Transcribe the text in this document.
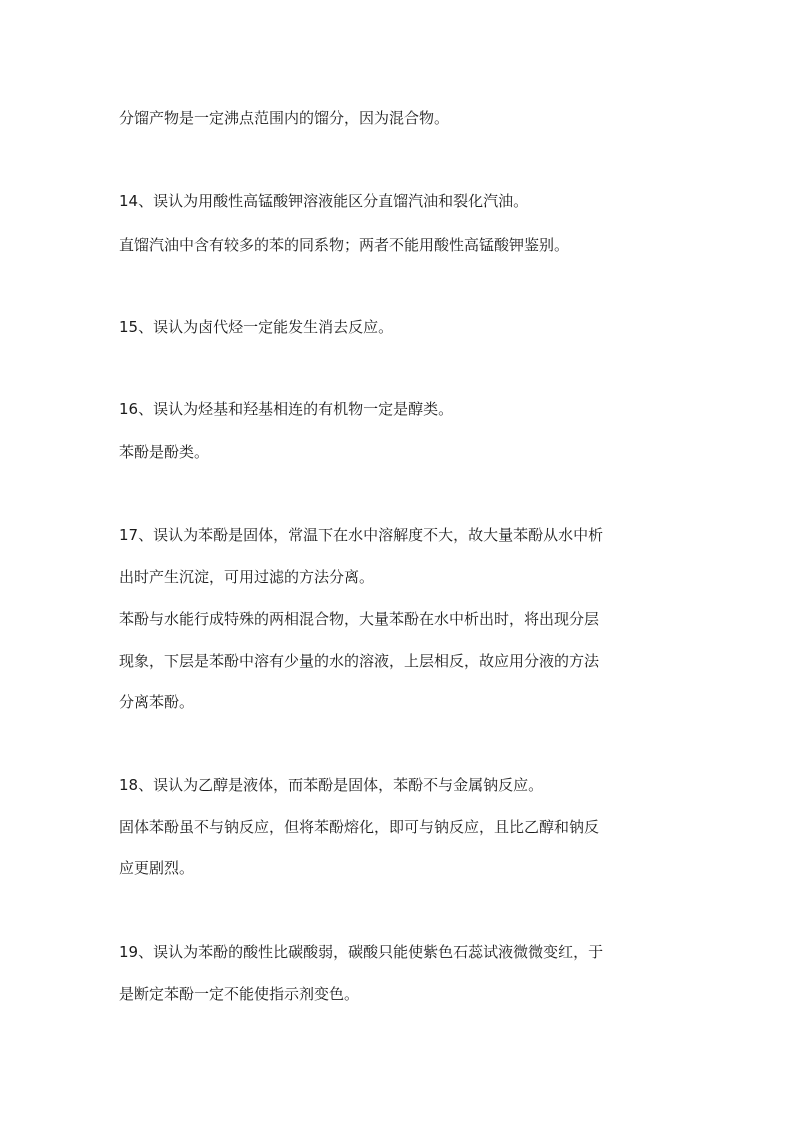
分馏产物是一定沸点范围内的馏分，因为混合物。
14、误认为用酸性高锰酸钾溶液能区分直馏汽油和裂化汽油。
直馏汽油中含有较多的苯的同系物；两者不能用酸性高锰酸钾鉴别。
15、误认为卤代烃一定能发生消去反应。
16、误认为烃基和羟基相连的有机物一定是醇类。
苯酚是酚类。
17、误认为苯酚是固体，常温下在水中溶解度不大，故大量苯酚从水中析
出时产生沉淀，可用过滤的方法分离。
苯酚与水能行成特殊的两相混合物，大量苯酚在水中析出时，将出现分层
现象，下层是苯酚中溶有少量的水的溶液，上层相反，故应用分液的方法
分离苯酚。
18、误认为乙醇是液体，而苯酚是固体，苯酚不与金属钠反应。
固体苯酚虽不与钠反应，但将苯酚熔化，即可与钠反应，且比乙醇和钠反
应更剧烈。
19、误认为苯酚的酸性比碳酸弱，碳酸只能使紫色石蕊试液微微变红，于
是断定苯酚一定不能使指示剂变色。
